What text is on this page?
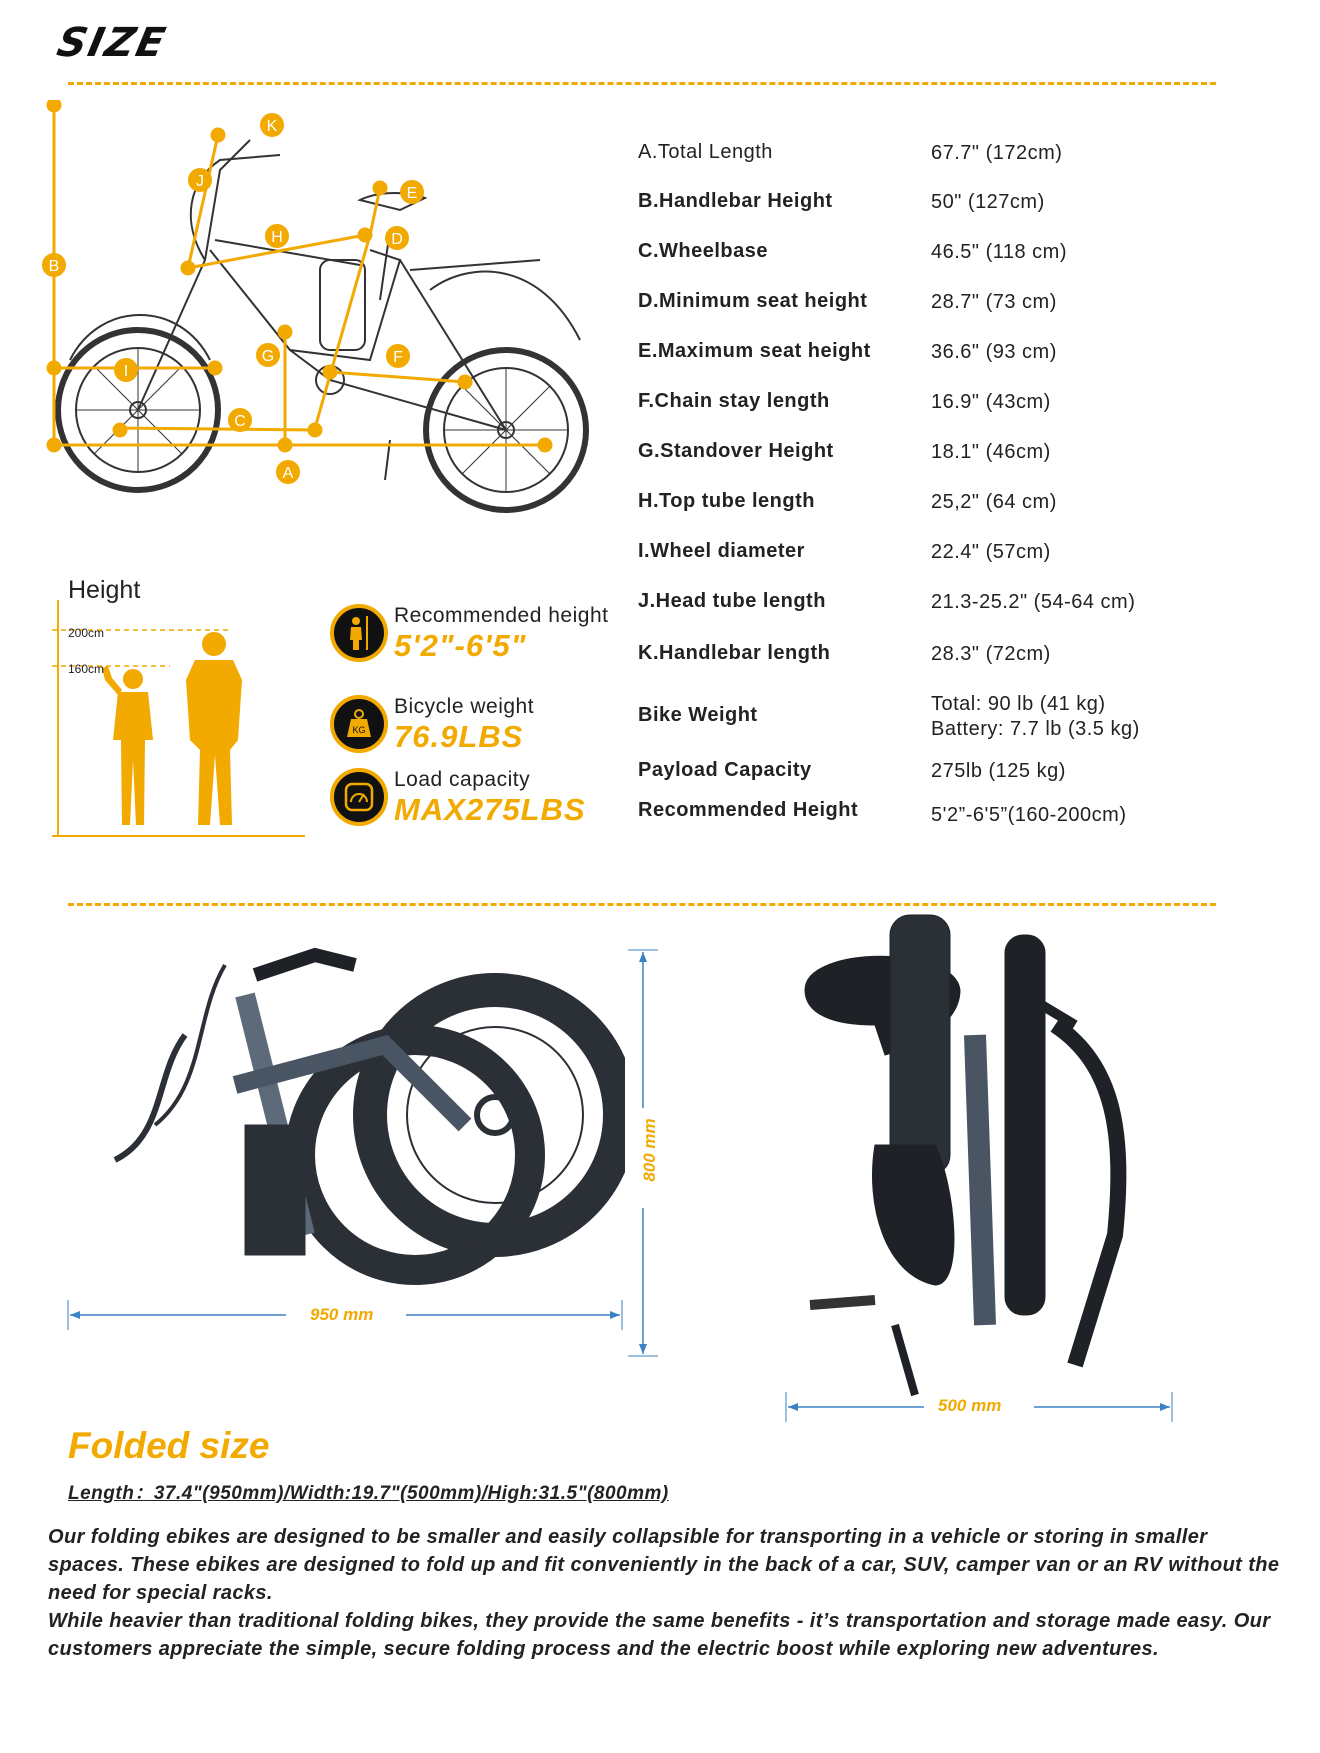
SIZE
A
B
C
D
E
F
G
H
I
J
K
A.Total Length	67.7" (172cm)
B.Handlebar Height	50" (127cm)
C.Wheelbase	46.5" (118 cm)
D.Minimum seat height	28.7" (73 cm)
E.Maximum seat height	36.6" (93 cm)
F.Chain stay length	16.9" (43cm)
G.Standover Height	18.1" (46cm)
H.Top tube length	25,2" (64 cm)
I.Wheel diameter	22.4" (57cm)
J.Head tube length	21.3-25.2" (54-64 cm)
K.Handlebar length	28.3" (72cm)
Bike Weight	Total: 90 lb (41 kg)
Battery: 7.7 lb (3.5 kg)
Payload Capacity	275lb (125 kg)
Recommended Height	5'2”-6'5”(160-200cm)
Height
200cm
160cm
Recommended height
5'2"-6'5"
KG
Bicycle weight
76.9LBS
Load capacity
MAX275LBS
950 mm
800 mm
500 mm
Folded size
Length：37.4"(950mm)/Width:19.7"(500mm)/High:31.5"(800mm)
Our folding ebikes are designed to be smaller and easily collapsible for transporting in a vehicle or storing in smaller spaces. These ebikes are designed to fold up and fit conveniently in the back of a car, SUV, camper van or an RV without the need for special racks.
While heavier than traditional folding bikes, they provide the same benefits - it’s transportation and storage made easy. Our customers appreciate the simple, secure folding process and the electric boost while exploring new adventures.
